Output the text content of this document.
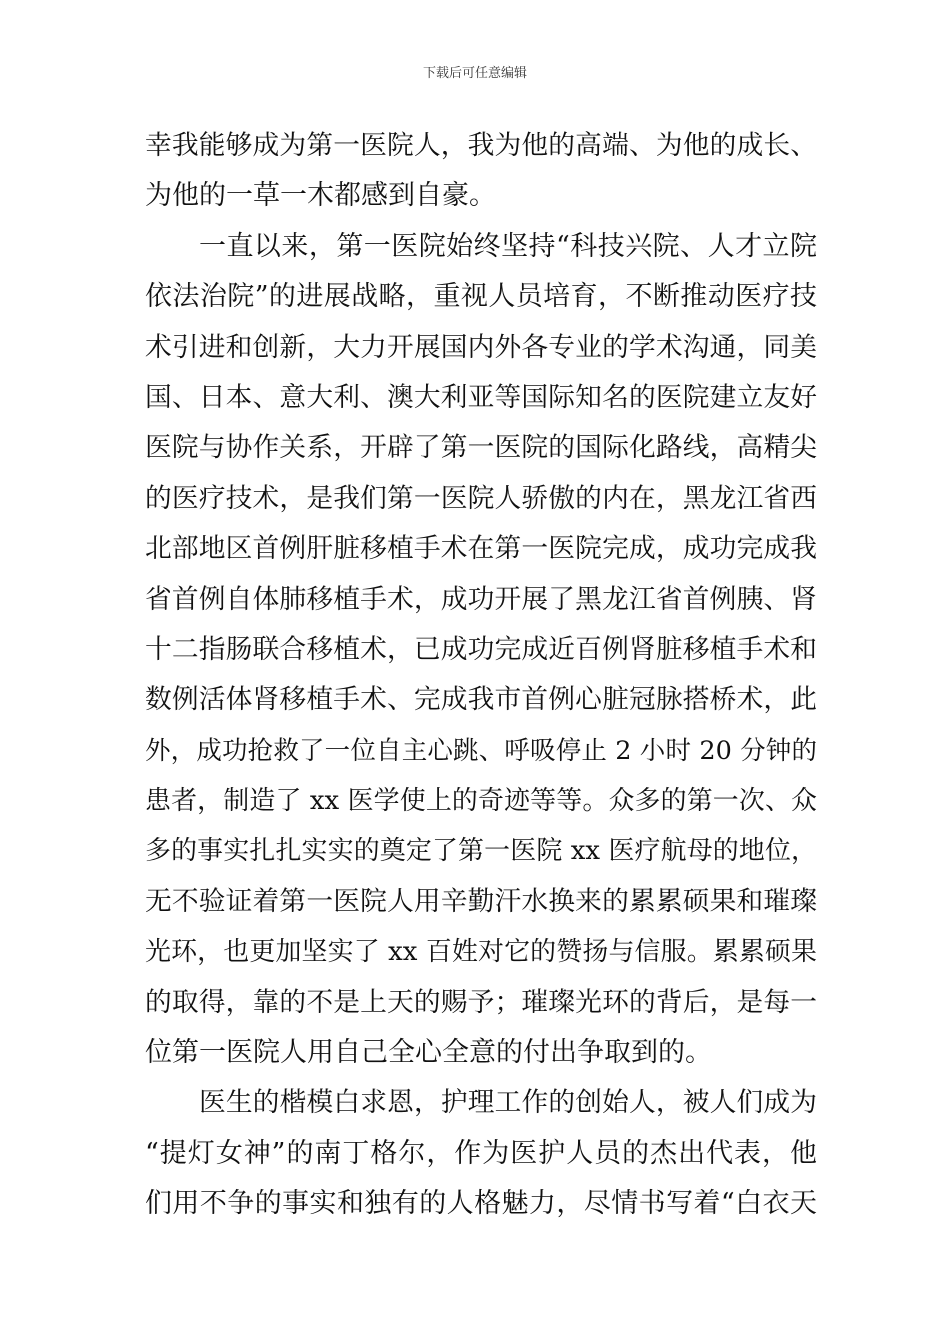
下载后可任意编辑
幸我能够成为第一医院人，我为他的高端、为他的成长、
为他的一草一木都感到自豪。
一直以来，第一医院始终坚持“科技兴院、人才立院
依法治院”的进展战略，重视人员培育，不断推动医疗技
术引进和创新，大力开展国内外各专业的学术沟通，同美
国、日本、意大利、澳大利亚等国际知名的医院建立友好
医院与协作关系，开辟了第一医院的国际化路线，高精尖
的医疗技术，是我们第一医院人骄傲的内在，黑龙江省西
北部地区首例肝脏移植手术在第一医院完成，成功完成我
省首例自体肺移植手术，成功开展了黑龙江省首例胰、肾
十二指肠联合移植术，已成功完成近百例肾脏移植手术和
数例活体肾移植手术、完成我市首例心脏冠脉搭桥术，此
外，成功抢救了一位自主心跳、呼吸停止 2 小时 20 分钟的
患者，制造了 xx 医学使上的奇迹等等。众多的第一次、众
多的事实扎扎实实的奠定了第一医院 xx 医疗航母的地位，
无不验证着第一医院人用辛勤汗水换来的累累硕果和璀璨
光环，也更加坚实了 xx 百姓对它的赞扬与信服。累累硕果
的取得，靠的不是上天的赐予；璀璨光环的背后，是每一
位第一医院人用自己全心全意的付出争取到的。
医生的楷模白求恩，护理工作的创始人，被人们成为
“提灯女神”的南丁格尔，作为医护人员的杰出代表，他
们用不争的事实和独有的人格魅力，尽情书写着“白衣天
